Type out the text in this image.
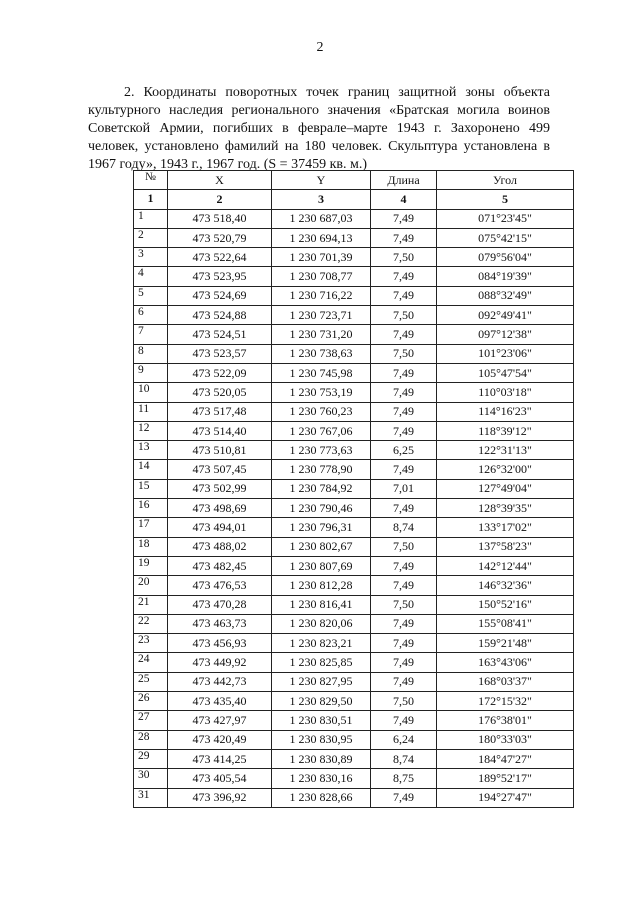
2

2. Координаты поворотных точек границ защитной зоны объекта культурного наследия регионального значения «Братская могила воинов Советской Армии, погибших в феврале–марте 1943 г. Захоронено 499 человек, установлено фамилий на 180 человек. Скульптура установлена в 1967 году», 1943 г., 1967 год. (S = 37459 кв. м.)

№	X	Y	Длина	Угол
1	2	3	4	5
1	473 518,40	1 230 687,03	7,49	071°23'45"
2	473 520,79	1 230 694,13	7,49	075°42'15"
3	473 522,64	1 230 701,39	7,50	079°56'04"
4	473 523,95	1 230 708,77	7,49	084°19'39"
5	473 524,69	1 230 716,22	7,49	088°32'49"
6	473 524,88	1 230 723,71	7,50	092°49'41"
7	473 524,51	1 230 731,20	7,49	097°12'38"
8	473 523,57	1 230 738,63	7,50	101°23'06"
9	473 522,09	1 230 745,98	7,49	105°47'54"
10	473 520,05	1 230 753,19	7,49	110°03'18"
11	473 517,48	1 230 760,23	7,49	114°16'23"
12	473 514,40	1 230 767,06	7,49	118°39'12"
13	473 510,81	1 230 773,63	6,25	122°31'13"
14	473 507,45	1 230 778,90	7,49	126°32'00"
15	473 502,99	1 230 784,92	7,01	127°49'04"
16	473 498,69	1 230 790,46	7,49	128°39'35"
17	473 494,01	1 230 796,31	8,74	133°17'02"
18	473 488,02	1 230 802,67	7,50	137°58'23"
19	473 482,45	1 230 807,69	7,49	142°12'44"
20	473 476,53	1 230 812,28	7,49	146°32'36"
21	473 470,28	1 230 816,41	7,50	150°52'16"
22	473 463,73	1 230 820,06	7,49	155°08'41"
23	473 456,93	1 230 823,21	7,49	159°21'48"
24	473 449,92	1 230 825,85	7,49	163°43'06"
25	473 442,73	1 230 827,95	7,49	168°03'37"
26	473 435,40	1 230 829,50	7,50	172°15'32"
27	473 427,97	1 230 830,51	7,49	176°38'01"
28	473 420,49	1 230 830,95	6,24	180°33'03"
29	473 414,25	1 230 830,89	8,74	184°47'27"
30	473 405,54	1 230 830,16	8,75	189°52'17"
31	473 396,92	1 230 828,66	7,49	194°27'47"
